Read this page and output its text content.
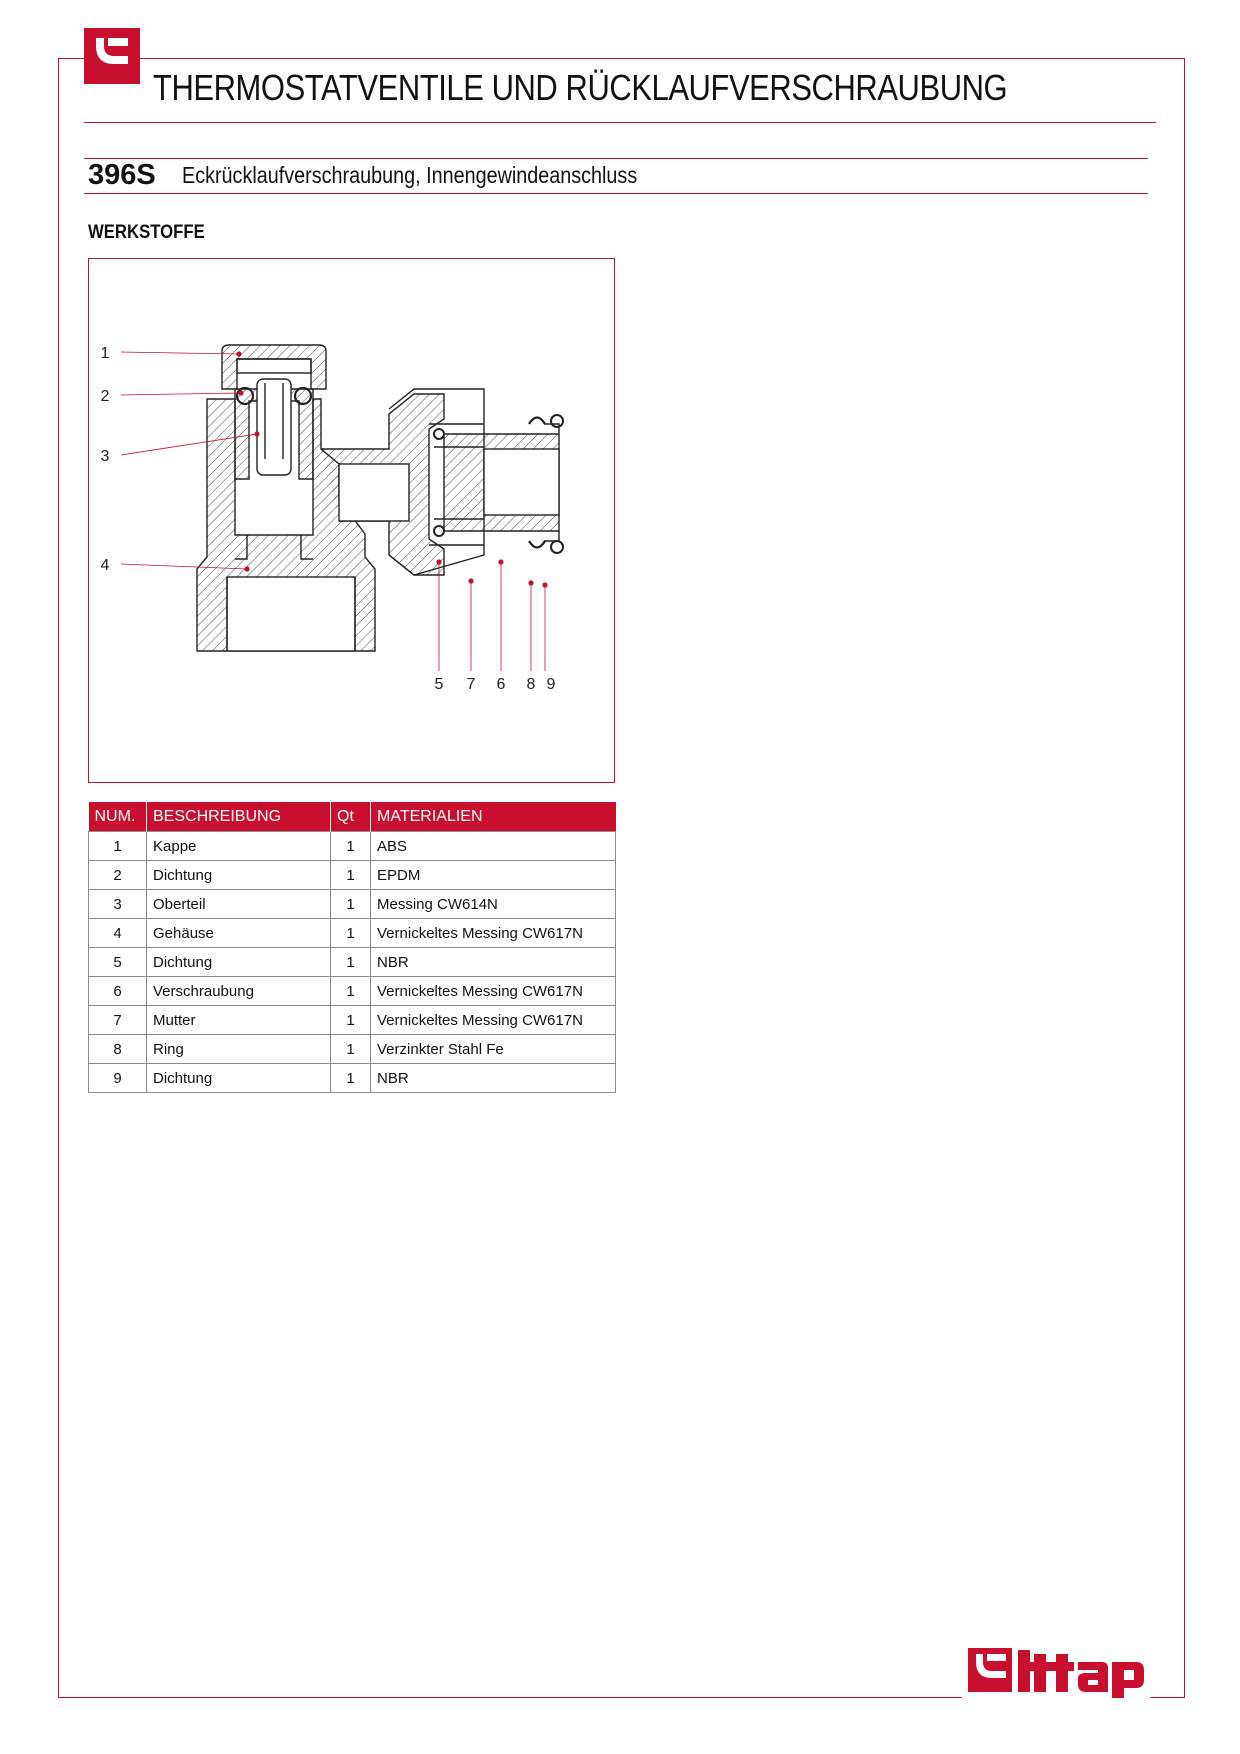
THERMOSTATVENTILE UND RÜCKLAUFVERSCHRAUBUNG
396S Eckrücklaufverschraubung, Innengewindeanschluss
WERKSTOFFE
1
2
3
4
5 7 6 8 9
NUM.	BESCHREIBUNG	Qt	MATERIALIEN
1	Kappe	1	ABS
2	Dichtung	1	EPDM
3	Oberteil	1	Messing CW614N
4	Gehäuse	1	Vernickeltes Messing CW617N
5	Dichtung	1	NBR
6	Verschraubung	1	Vernickeltes Messing CW617N
7	Mutter	1	Vernickeltes Messing CW617N
8	Ring	1	Verzinkter Stahl Fe
9	Dichtung	1	NBR
